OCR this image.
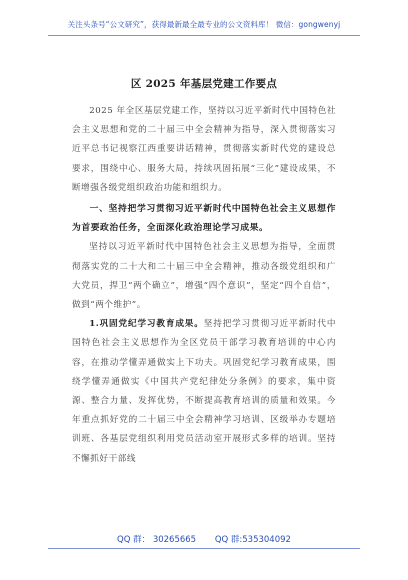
关注头条号“公文研究”，获得最新最全最专业的公文资料库！ 微信：gongwenyj
区 2025 年基层党建工作要点

2025 年全区基层党建工作，坚持以习近平新时代中国特色社会主义思想和党的二十届三中全会精神为指导，深入贯彻落实习近平总书记视察江西重要讲话精神，贯彻落实新时代党的建设总要求，围绕中心、服务大局，持续巩固拓展“三化”建设成果，不断增强各级党组织政治功能和组织力。

一、坚持把学习贯彻习近平新时代中国特色社会主义思想作为首要政治任务，全面深化政治理论学习成果。

坚持以习近平新时代中国特色社会主义思想为指导，全面贯彻落实党的二十大和二十届三中全会精神，推动各级党组织和广大党员，捍卫“两个确立”，增强“四个意识”，坚定“四个自信”，做到“两个维护”。

1.巩固党纪学习教育成果。坚持把学习贯彻习近平新时代中国特色社会主义思想作为全区党员干部学习教育培训的中心内容，在推动学懂弄通做实上下功夫。巩固党纪学习教育成果，围绕学懂弄通做实《中国共产党纪律处分条例》的要求，集中资源、整合力量、发挥优势，不断提高教育培训的质量和效果。今年重点抓好党的二十届三中全会精神学习培训、区级举办专题培训班、各基层党组织利用党员活动室开展形式多样的培训。坚持不懈抓好干部线

QQ 群： 30265665 QQ 群:535304092
